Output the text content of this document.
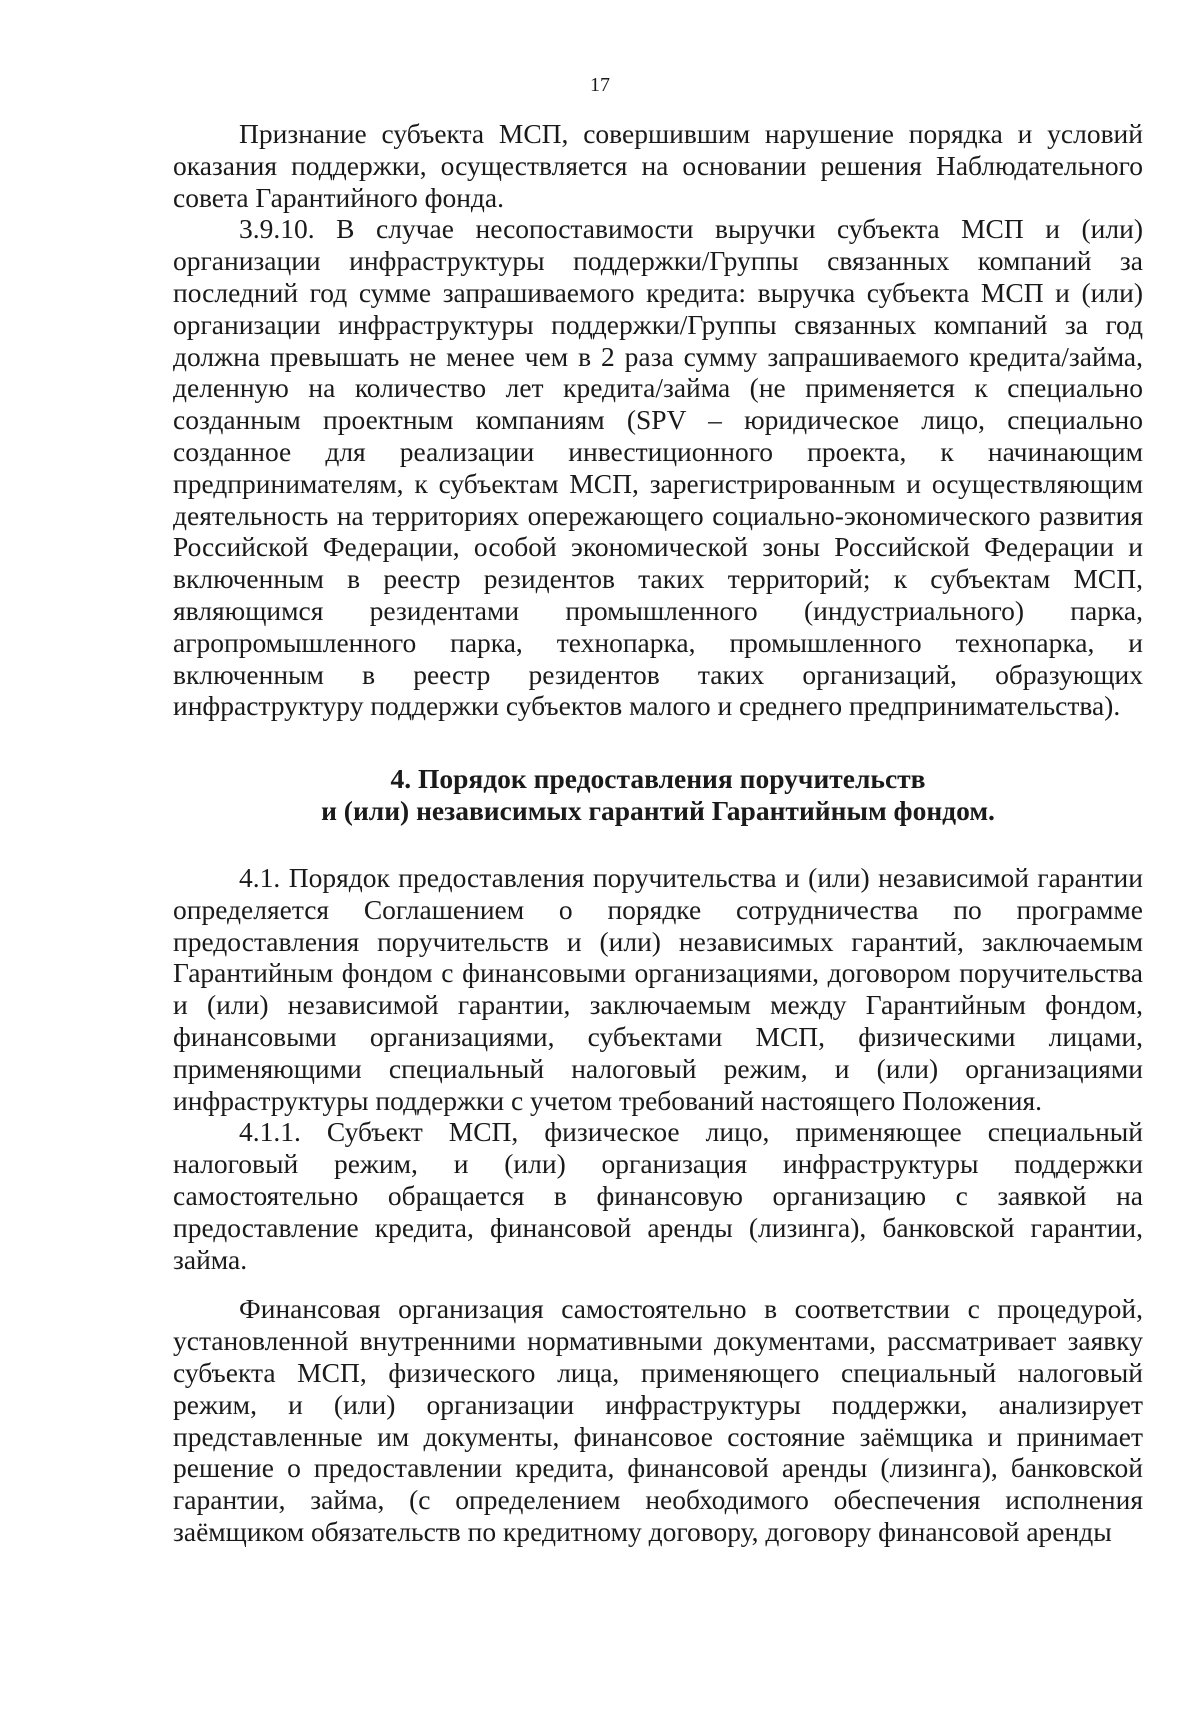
17

Признание субъекта МСП, совершившим нарушение порядка и условий оказания поддержки, осуществляется на основании решения Наблюдательного совета Гарантийного фонда.

3.9.10. В случае несопоставимости выручки субъекта МСП и (или) организации инфраструктуры поддержки/Группы связанных компаний за последний год сумме запрашиваемого кредита: выручка субъекта МСП и (или) организации инфраструктуры поддержки/Группы связанных компаний за год должна превышать не менее чем в 2 раза сумму запрашиваемого кредита/займа, деленную на количество лет кредита/займа (не применяется к специально созданным проектным компаниям (SPV – юридическое лицо, специально созданное для реализации инвестиционного проекта, к начинающим предпринимателям, к субъектам МСП, зарегистрированным и осуществляющим деятельность на территориях опережающего социально-экономического развития Российской Федерации, особой экономической зоны Российской Федерации и включенным в реестр резидентов таких территорий; к субъектам МСП, являющимся резидентами промышленного (индустриального) парка, агропромышленного парка, технопарка, промышленного технопарка, и включенным в реестр резидентов таких организаций, образующих инфраструктуру поддержки субъектов малого и среднего предпринимательства).

4. Порядок предоставления поручительств
и (или) независимых гарантий Гарантийным фондом.

4.1. Порядок предоставления поручительства и (или) независимой гарантии определяется Соглашением о порядке сотрудничества по программе предоставления поручительств и (или) независимых гарантий, заключаемым Гарантийным фондом с финансовыми организациями, договором поручительства и (или) независимой гарантии, заключаемым между Гарантийным фондом, финансовыми организациями, субъектами МСП, физическими лицами, применяющими специальный налоговый режим, и (или) организациями инфраструктуры поддержки с учетом требований настоящего Положения.

4.1.1. Субъект МСП, физическое лицо, применяющее специальный налоговый режим, и (или) организация инфраструктуры поддержки самостоятельно обращается в финансовую организацию с заявкой на предоставление кредита, финансовой аренды (лизинга), банковской гарантии, займа.

Финансовая организация самостоятельно в соответствии с процедурой, установленной внутренними нормативными документами, рассматривает заявку субъекта МСП, физического лица, применяющего специальный налоговый режим, и (или) организации инфраструктуры поддержки, анализирует представленные им документы, финансовое состояние заёмщика и принимает решение о предоставлении кредита, финансовой аренды (лизинга), банковской гарантии, займа, (с определением необходимого обеспечения исполнения заёмщиком обязательств по кредитному договору, договору финансовой аренды
